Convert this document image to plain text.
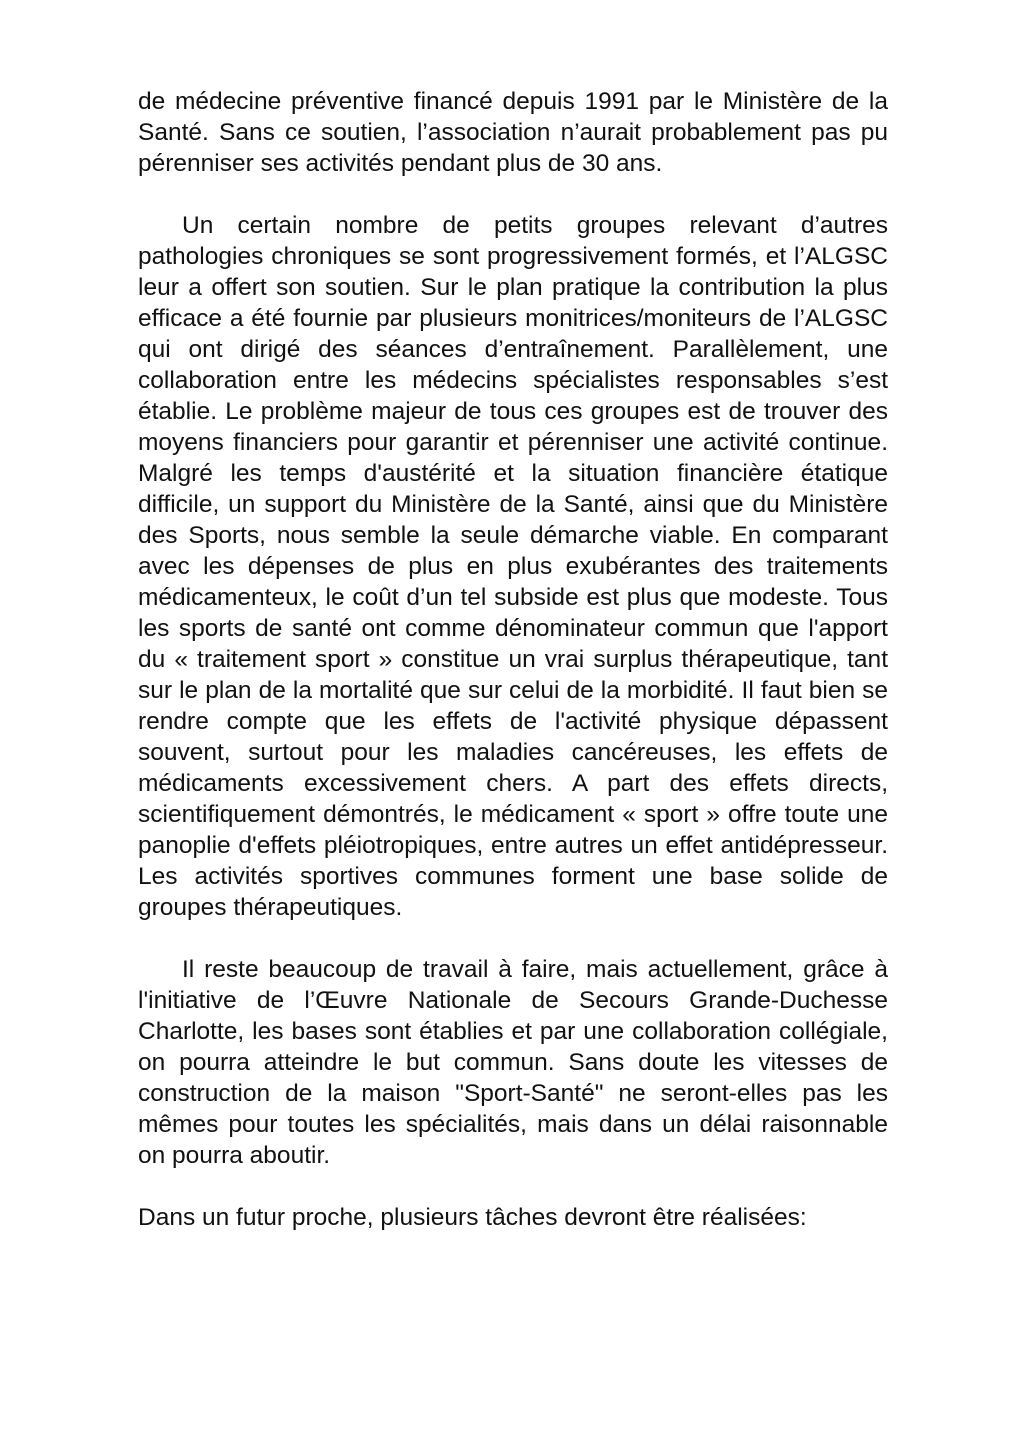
de médecine préventive financé depuis 1991 par le Ministère de la Santé. Sans ce soutien, l’association n’aurait probablement pas pu pérenniser ses activités pendant plus de 30 ans.

Un certain nombre de petits groupes relevant d’autres pathologies chroniques se sont progressivement formés, et l’ALGSC leur a offert son soutien. Sur le plan pratique la contribution la plus efficace a été fournie par plusieurs monitrices/moniteurs de l’ALGSC qui ont dirigé des séances d’entraînement. Parallèlement, une collaboration entre les médecins spécialistes responsables s’est établie. Le problème majeur de tous ces groupes est de trouver des moyens financiers pour garantir et pérenniser une activité continue. Malgré les temps d'austérité et la situation financière étatique difficile, un support du Ministère de la Santé, ainsi que du Ministère des Sports, nous semble la seule démarche viable. En comparant avec les dépenses de plus en plus exubérantes des traitements médicamenteux, le coût d’un tel subside est plus que modeste. Tous les sports de santé ont comme dénominateur commun que l'apport du « traitement sport » constitue un vrai surplus thérapeutique, tant sur le plan de la mortalité que sur celui de la morbidité. Il faut bien se rendre compte que les effets de l'activité physique dépassent souvent, surtout pour les maladies cancéreuses, les effets de médicaments excessivement chers. A part des effets directs, scientifiquement démontrés, le médicament « sport » offre toute une panoplie d'effets pléiotropiques, entre autres un effet antidépresseur. Les activités sportives communes forment une base solide de groupes thérapeutiques.

Il reste beaucoup de travail à faire, mais actuellement, grâce à l'initiative de l’Œuvre Nationale de Secours Grande-Duchesse Charlotte, les bases sont établies et par une collaboration collégiale, on pourra atteindre le but commun. Sans doute les vitesses de construction de la maison "Sport-Santé" ne seront-elles pas les mêmes pour toutes les spécialités, mais dans un délai raisonnable on pourra aboutir.

Dans un futur proche, plusieurs tâches devront être réalisées:
